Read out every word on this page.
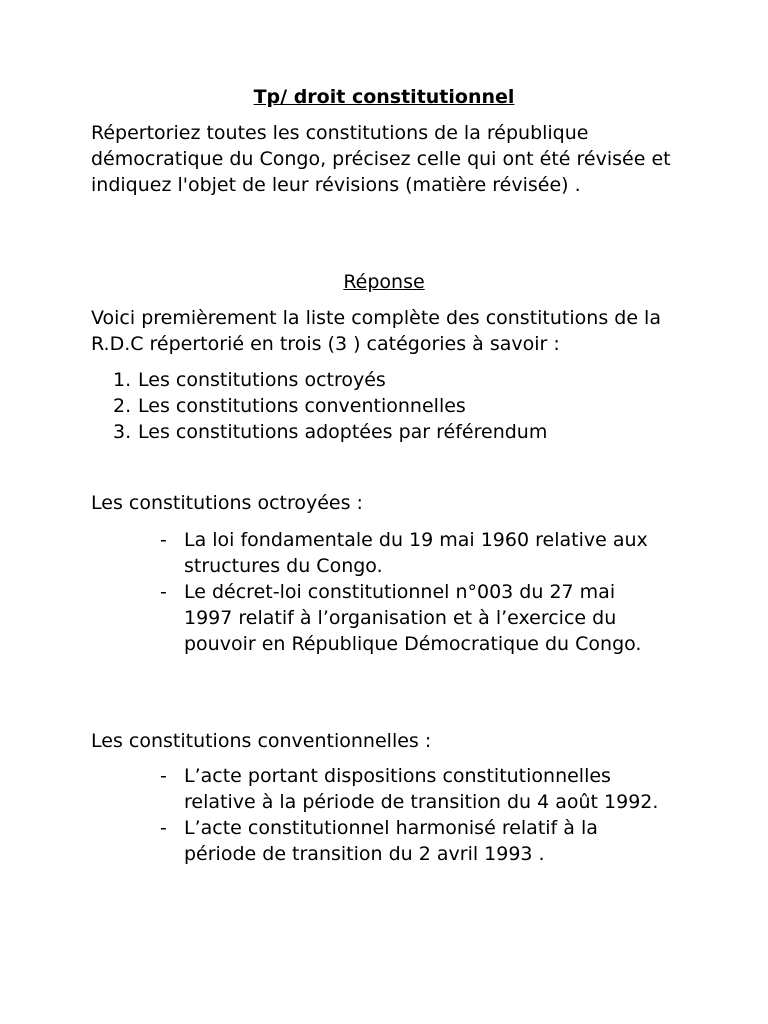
Tp/ droit constitutionnel

Répertoriez toutes les constitutions de la république démocratique du Congo, précisez celle qui ont été révisée et indiquez l'objet de leur révisions (matière révisée) .

Réponse

Voici premièrement la liste complète des constitutions de la R.D.C répertorié en trois (3 ) catégories à savoir :

1. Les constitutions octroyés
2. Les constitutions conventionnelles
3. Les constitutions adoptées par référendum

Les constitutions octroyées :

- La loi fondamentale du 19 mai 1960 relative aux structures du Congo.
- Le décret-loi constitutionnel n°003 du 27 mai 1997 relatif à l’organisation et à l’exercice du pouvoir en République Démocratique du Congo.

Les constitutions conventionnelles :

- L’acte portant dispositions constitutionnelles relative à la période de transition du 4 août 1992.
- L’acte constitutionnel harmonisé relatif à la période de transition du 2 avril 1993 .
